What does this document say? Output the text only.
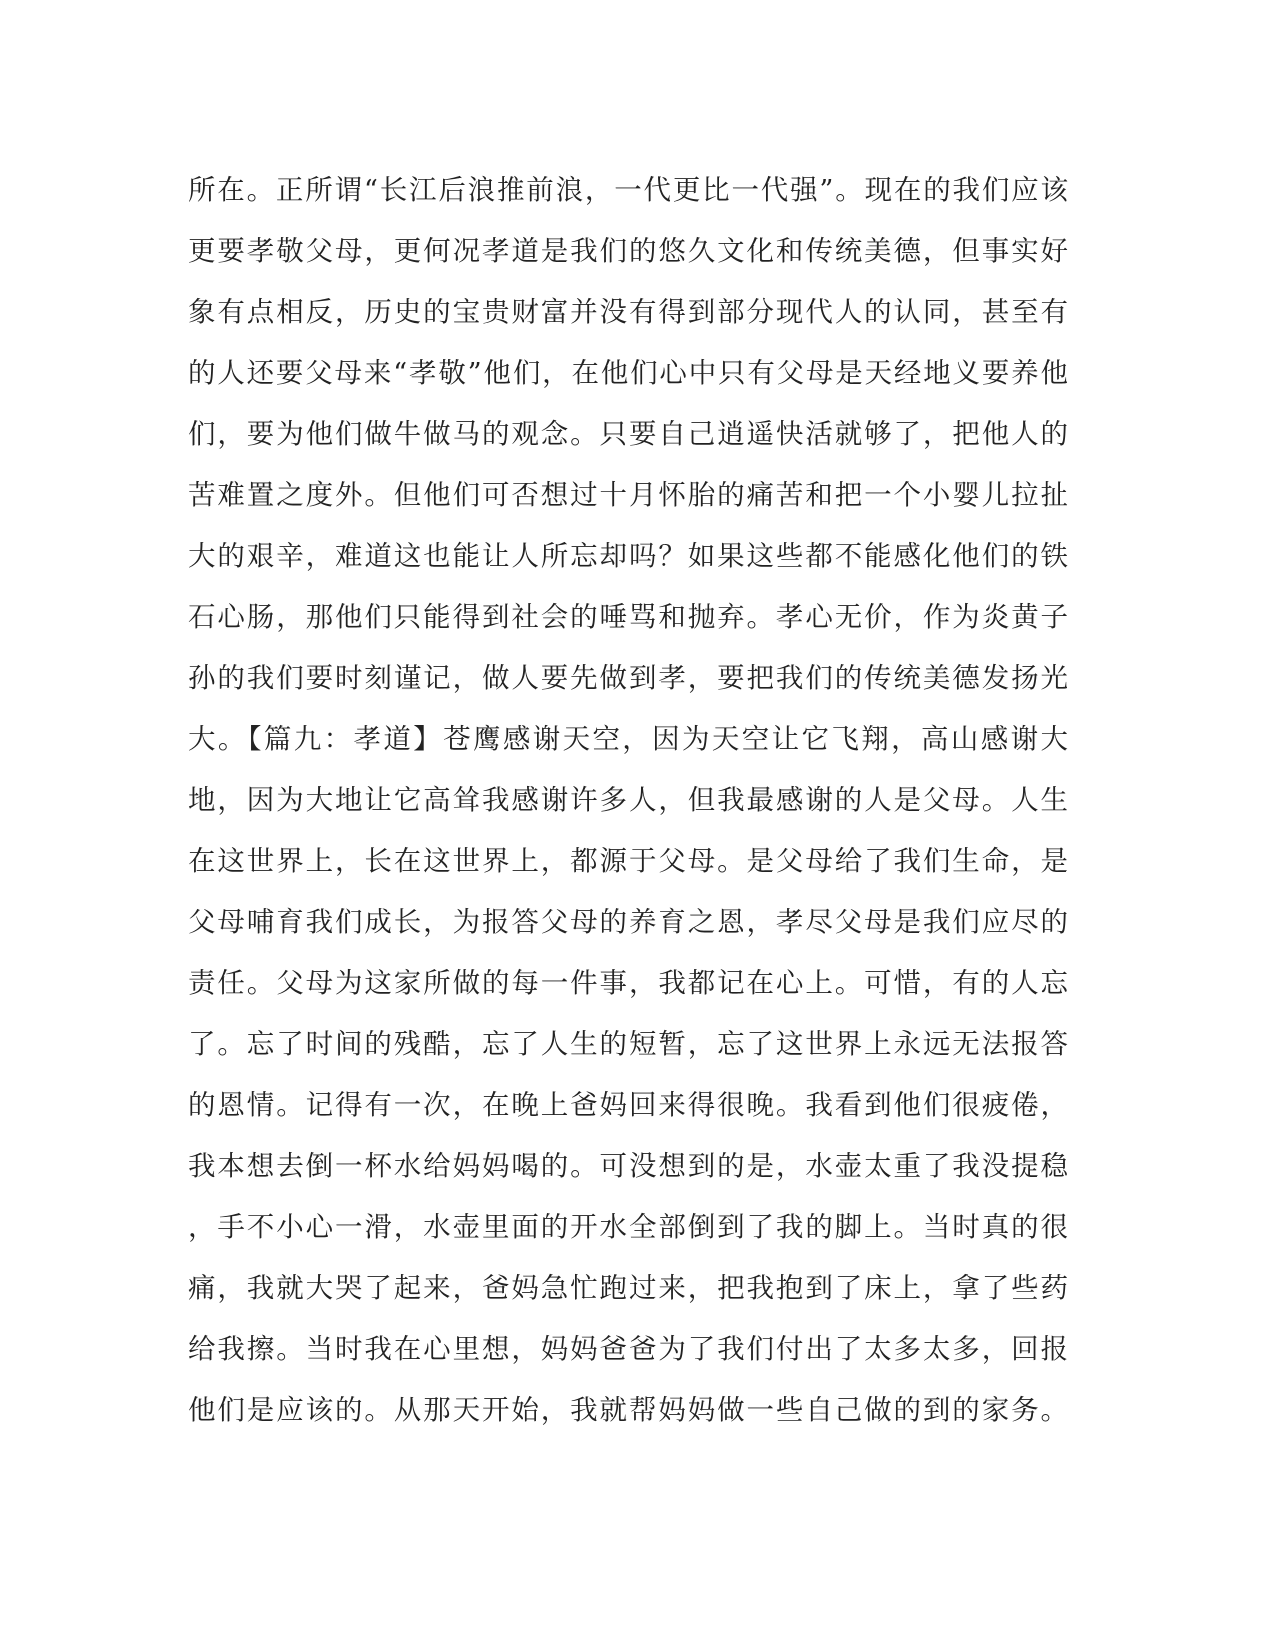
所在。正所谓“长江后浪推前浪，一代更比一代强”。现在的我们应该
更要孝敬父母，更何况孝道是我们的悠久文化和传统美德，但事实好
象有点相反，历史的宝贵财富并没有得到部分现代人的认同，甚至有
的人还要父母来“孝敬”他们，在他们心中只有父母是天经地义要养他
们，要为他们做牛做马的观念。只要自己逍遥快活就够了，把他人的
苦难置之度外。但他们可否想过十月怀胎的痛苦和把一个小婴儿拉扯
大的艰辛，难道这也能让人所忘却吗？如果这些都不能感化他们的铁
石心肠，那他们只能得到社会的唾骂和抛弃。孝心无价，作为炎黄子
孙的我们要时刻谨记，做人要先做到孝，要把我们的传统美德发扬光
大。【篇九：孝道】苍鹰感谢天空，因为天空让它飞翔，高山感谢大
地，因为大地让它高耸我感谢许多人，但我最感谢的人是父母。人生
在这世界上，长在这世界上，都源于父母。是父母给了我们生命，是
父母哺育我们成长，为报答父母的养育之恩，孝尽父母是我们应尽的
责任。父母为这家所做的每一件事，我都记在心上。可惜，有的人忘
了。忘了时间的残酷，忘了人生的短暂，忘了这世界上永远无法报答
的恩情。记得有一次，在晚上爸妈回来得很晚。我看到他们很疲倦，
我本想去倒一杯水给妈妈喝的。可没想到的是，水壶太重了我没提稳
，手不小心一滑，水壶里面的开水全部倒到了我的脚上。当时真的很
痛，我就大哭了起来，爸妈急忙跑过来，把我抱到了床上，拿了些药
给我擦。当时我在心里想，妈妈爸爸为了我们付出了太多太多，回报
他们是应该的。从那天开始，我就帮妈妈做一些自己做的到的家务。
